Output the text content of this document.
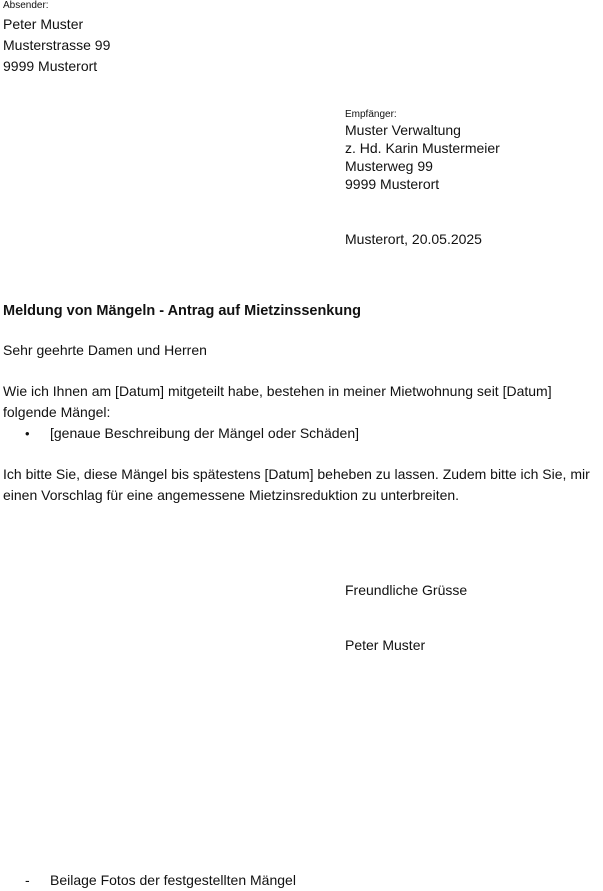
Absender:
Peter Muster
Musterstrasse 99
9999 Musterort
Empfänger:
Muster Verwaltung
z. Hd. Karin Mustermeier
Musterweg 99
9999 Musterort
Musterort, 20.05.2025
Meldung von Mängeln - Antrag auf Mietzinssenkung
Sehr geehrte Damen und Herren
Wie ich Ihnen am [Datum] mitgeteilt habe, bestehen in meiner Mietwohnung seit [Datum] folgende Mängel:
• [genaue Beschreibung der Mängel oder Schäden]
Ich bitte Sie, diese Mängel bis spätestens [Datum] beheben zu lassen. Zudem bitte ich Sie, mir einen Vorschlag für eine angemessene Mietzinsreduktion zu unterbreiten.
Freundliche Grüsse
Peter Muster
- Beilage Fotos der festgestellten Mängel
